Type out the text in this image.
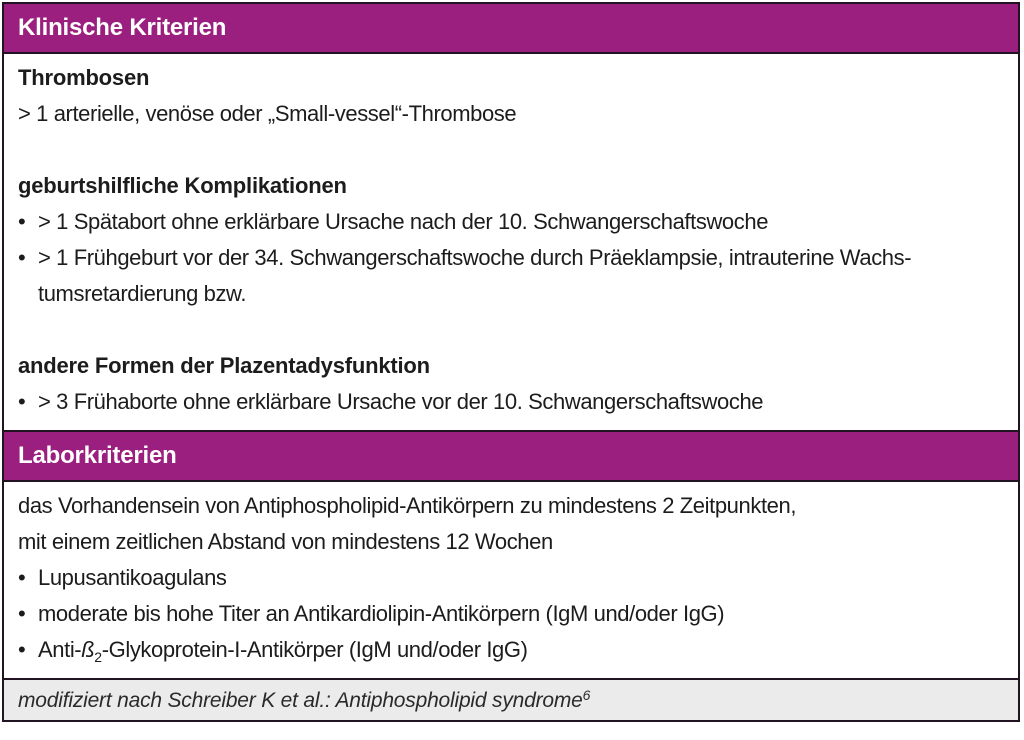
Klinische Kriterien
Thrombosen
> 1 arterielle, venöse oder „Small-vessel“-Thrombose
geburtshilfliche Komplikationen
• > 1 Spätabort ohne erklärbare Ursache nach der 10. Schwangerschaftswoche
• > 1 Frühgeburt vor der 34. Schwangerschaftswoche durch Präeklampsie, intrauterine Wachs-
tumsretardierung bzw.
andere Formen der Plazentadysfunktion
• > 3 Frühaborte ohne erklärbare Ursache vor der 10. Schwangerschaftswoche
Laborkriterien
das Vorhandensein von Antiphospholipid-Antikörpern zu mindestens 2 Zeitpunkten,
mit einem zeitlichen Abstand von mindestens 12 Wochen
• Lupusantikoagulans
• moderate bis hohe Titer an Antikardiolipin-Antikörpern (IgM und/oder IgG)
• Anti-$ß_2-Glykoprotein-I$-Antikörper (IgM und/oder IgG)
modifiziert nach Schreiber K et al.: Antiphospholipid syndrome$^6$
